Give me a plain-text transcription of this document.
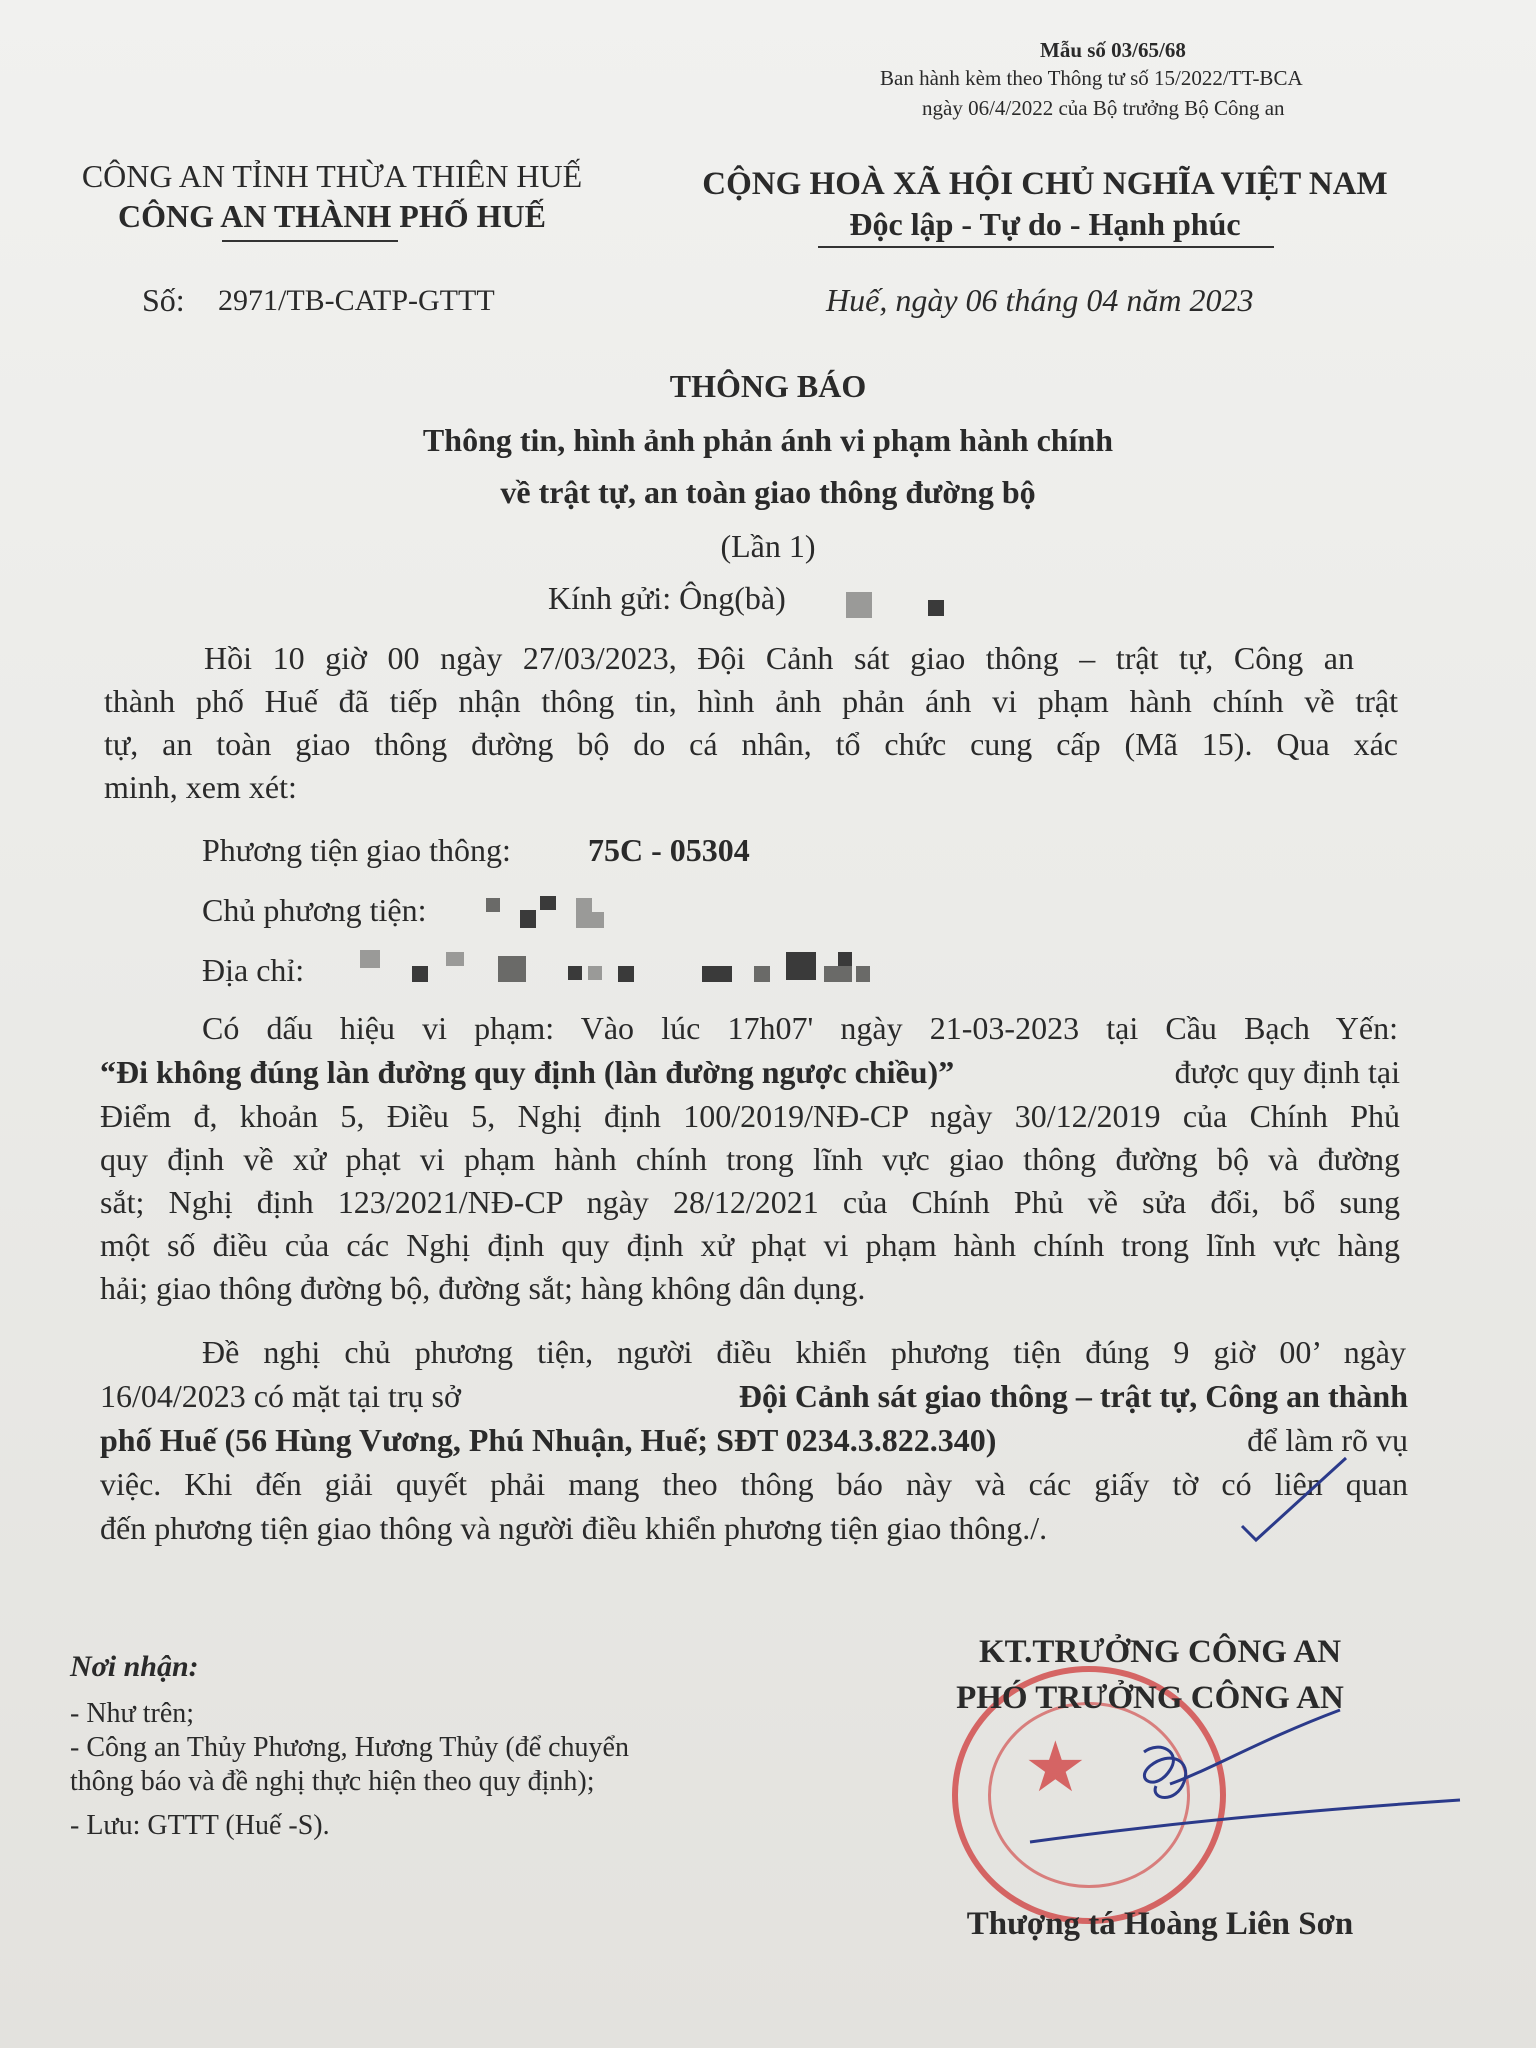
Mẫu số 03/65/68
Ban hành kèm theo Thông tư số 15/2022/TT-BCA
ngày 06/4/2022 của Bộ trưởng Bộ Công an
CÔNG AN TỈNH THỪA THIÊN HUẾ
CÔNG AN THÀNH PHỐ HUẾ
CỘNG HOÀ XÃ HỘI CHỦ NGHĨA VIỆT NAM
Độc lập - Tự do - Hạnh phúc
Số: 2971/TB-CATP-GTTT	Huế, ngày 06 tháng 04 năm 2023
THÔNG BÁO
Thông tin, hình ảnh phản ánh vi phạm hành chính
về trật tự, an toàn giao thông đường bộ
(Lần 1)
Kính gửi: Ông(bà)
Hồi 10 giờ 00 ngày 27/03/2023, Đội Cảnh sát giao thông – trật tự, Công an
thành phố Huế đã tiếp nhận thông tin, hình ảnh phản ánh vi phạm hành chính về trật
tự, an toàn giao thông đường bộ do cá nhân, tổ chức cung cấp (Mã 15). Qua xác
minh, xem xét:
Phương tiện giao thông: 75C - 05304
Chủ phương tiện:
Địa chỉ:
Có dấu hiệu vi phạm: Vào lúc 17h07' ngày 21-03-2023 tại Cầu Bạch Yến:
“Đi không đúng làn đường quy định (làn đường ngược chiều)”	được quy định tại
Điểm đ, khoản 5, Điều 5, Nghị định 100/2019/NĐ-CP ngày 30/12/2019 của Chính Phủ
quy định về xử phạt vi phạm hành chính trong lĩnh vực giao thông đường bộ và đường
sắt; Nghị định 123/2021/NĐ-CP ngày 28/12/2021 của Chính Phủ về sửa đổi, bổ sung
một số điều của các Nghị định quy định xử phạt vi phạm hành chính trong lĩnh vực hàng
hải; giao thông đường bộ, đường sắt; hàng không dân dụng.
Đề nghị chủ phương tiện, người điều khiển phương tiện đúng 9 giờ 00’ ngày
16/04/2023 có mặt tại trụ sở	Đội Cảnh sát giao thông – trật tự, Công an thành
phố Huế (56 Hùng Vương, Phú Nhuận, Huế; SĐT 0234.3.822.340)	để làm rõ vụ
việc. Khi đến giải quyết phải mang theo thông báo này và các giấy tờ có liên quan
đến phương tiện giao thông và người điều khiển phương tiện giao thông./.
Nơi nhận:
- Như trên;
- Công an Thủy Phương, Hương Thủy (để chuyển
thông báo và đề nghị thực hiện theo quy định);
- Lưu: GTTT (Huế -S).
★
KT.TRƯỞNG CÔNG AN
PHÓ TRƯỞNG CÔNG AN
Thượng tá Hoàng Liên Sơn
